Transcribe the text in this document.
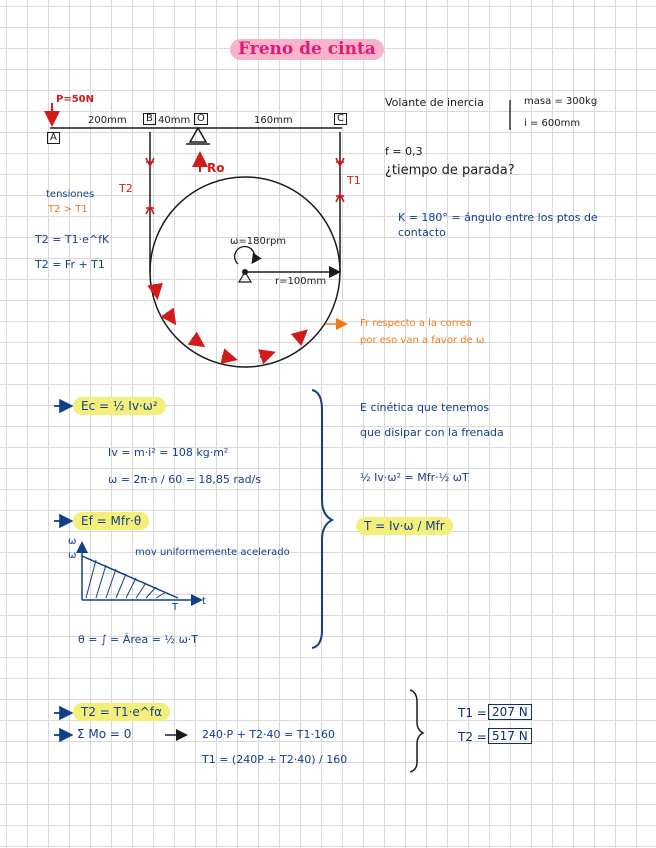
Freno de cinta
P=50N
A
B	O	C
200mm	40mm	160mm
Ro
T2
T1
ω=180rpm
r=100mm
tensiones
T2 > T1
T2 = T1·e^fK
T2 = Fr + T1
Volante de inercia	masa = 300kg
i = 600mm
f = 0,3
¿tiempo de parada?
K = 180° = ángulo entre los ptos de contacto
Fr respecto a la correa
por eso van a favor de ω
Ec = ½ Iv·ω²
Iv = m·i² = 108 kg·m²
ω = 2π·n / 60 = 18,85 rad/s
Ef = Mfr·θ
mov uniformemente acelerado
ω
ω
t
T
θ = ∫ = Área = ½ ω·T
E cinética que tenemos
que disipar con la frenada
½ Iv·ω² = Mfr·½ ωT
T = Iv·ω / Mfr
T2 = T1·e^fα
Σ Mo = 0	240·P + T2·40 = T1·160
T1 = (240P + T2·40) / 160
T1 = 207 N
T2 = 517 N
